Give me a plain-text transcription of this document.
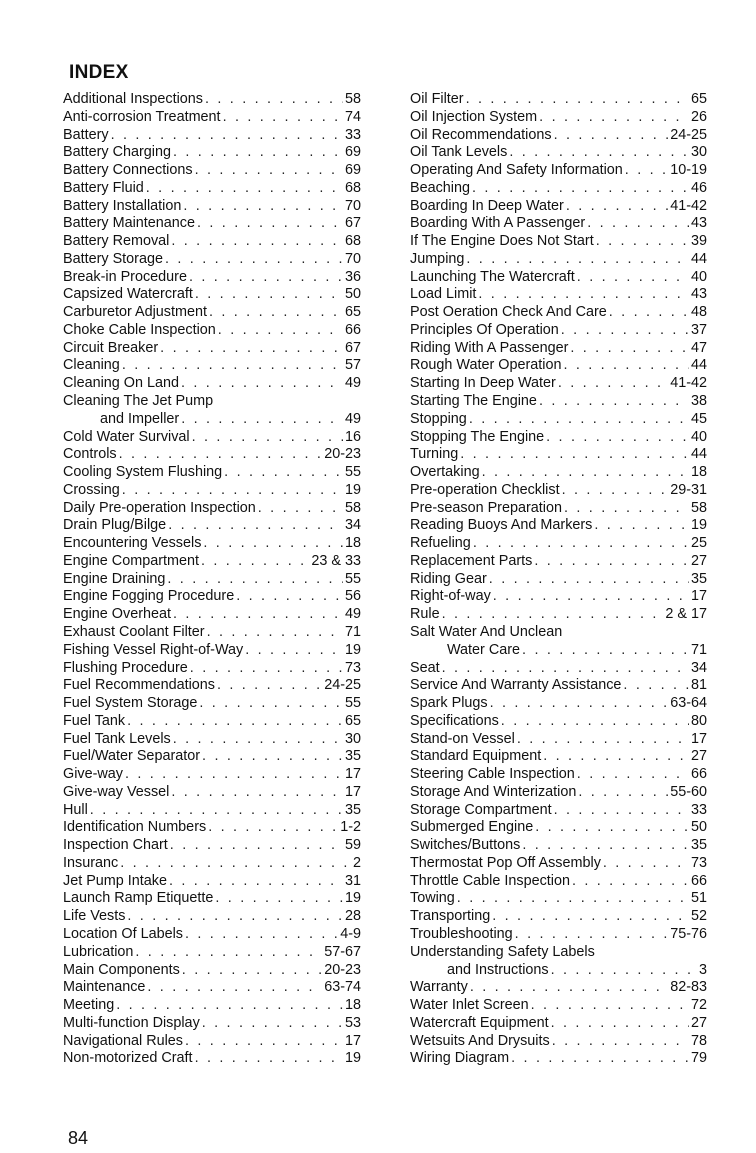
INDEX
Additional Inspections . . .	58
Anti-corrosion Treatment . . .	74
Battery . . .	33
Battery Charging . . .	69
Battery Connections . . .	69
Battery Fluid . . .	68
Battery Installation . . .	70
Battery Maintenance . . .	67
Battery Removal . . .	68
Battery Storage . . .	70
Break-in Procedure . . .	36
Capsized Watercraft . . .	50
Carburetor Adjustment . . .	65
Choke Cable Inspection . . .	66
Circuit Breaker . . .	67
Cleaning . . .	57
Cleaning On Land . . .	49
Cleaning The Jet Pump
and Impeller . . .	49
Cold Water Survival . . .	16
Controls . . .	20-23
Cooling System Flushing . . .	55
Crossing . . .	19
Daily Pre-operation Inspection . . .	58
Drain Plug/Bilge . . .	34
Encountering Vessels . . .	18
Engine Compartment . . .	23 & 33
Engine Draining . . .	55
Engine Fogging Procedure . . .	56
Engine Overheat . . .	49
Exhaust Coolant Filter . . .	71
Fishing Vessel Right-of-Way . . .	19
Flushing Procedure . . .	73
Fuel Recommendations . . .	24-25
Fuel System Storage . . .	55
Fuel Tank . . .	65
Fuel Tank Levels . . .	30
Fuel/Water Separator . . .	35
Give-way . . .	17
Give-way Vessel . . .	17
Hull . . .	35
Identification Numbers . . .	1-2
Inspection Chart . . .	59
Insuranc . . .	2
Jet Pump Intake . . .	31
Launch Ramp Etiquette . . .	19
Life Vests . . .	28
Location Of Labels . . .	4-9
Lubrication . . .	57-67
Main Components . . .	20-23
Maintenance . . .	63-74
Meeting . . .	18
Multi-function Display . . .	53
Navigational Rules . . .	17
Non-motorized Craft . . .	19
Oil Filter . . .	65
Oil Injection System . . .	26
Oil Recommendations . . .	24-25
Oil Tank Levels . . .	30
Operating And Safety Information . . .	10-19
Beaching . . .	46
Boarding In Deep Water . . .	41-42
Boarding With A Passenger . . .	43
If The Engine Does Not Start . . .	39
Jumping . . .	44
Launching The Watercraft . . .	40
Load Limit . . .	43
Post Oeration Check And Care . . .	48
Principles Of Operation . . .	37
Riding With A Passenger . . .	47
Rough Water Operation . . .	44
Starting In Deep Water . . .	41-42
Starting The Engine . . .	38
Stopping . . .	45
Stopping The Engine . . .	40
Turning . . .	44
Overtaking . . .	18
Pre-operation Checklist . . .	29-31
Pre-season Preparation . . .	58
Reading Buoys And Markers . . .	19
Refueling . . .	25
Replacement Parts . . .	27
Riding Gear . . .	35
Right-of-way . . .	17
Rule . . .	2 & 17
Salt Water And Unclean
Water Care . . .	71
Seat . . .	34
Service And Warranty Assistance . . .	81
Spark Plugs . . .	63-64
Specifications . . .	80
Stand-on Vessel . . .	17
Standard Equipment . . .	27
Steering Cable Inspection . . .	66
Storage And Winterization . . .	55-60
Storage Compartment . . .	33
Submerged Engine . . .	50
Switches/Buttons . . .	35
Thermostat Pop Off Assembly . . .	73
Throttle Cable Inspection . . .	66
Towing . . .	51
Transporting . . .	52
Troubleshooting . . .	75-76
Understanding Safety Labels
and Instructions . . .	3
Warranty . . .	82-83
Water Inlet Screen . . .	72
Watercraft Equipment . . .	27
Wetsuits And Drysuits . . .	78
Wiring Diagram . . .	79
84
